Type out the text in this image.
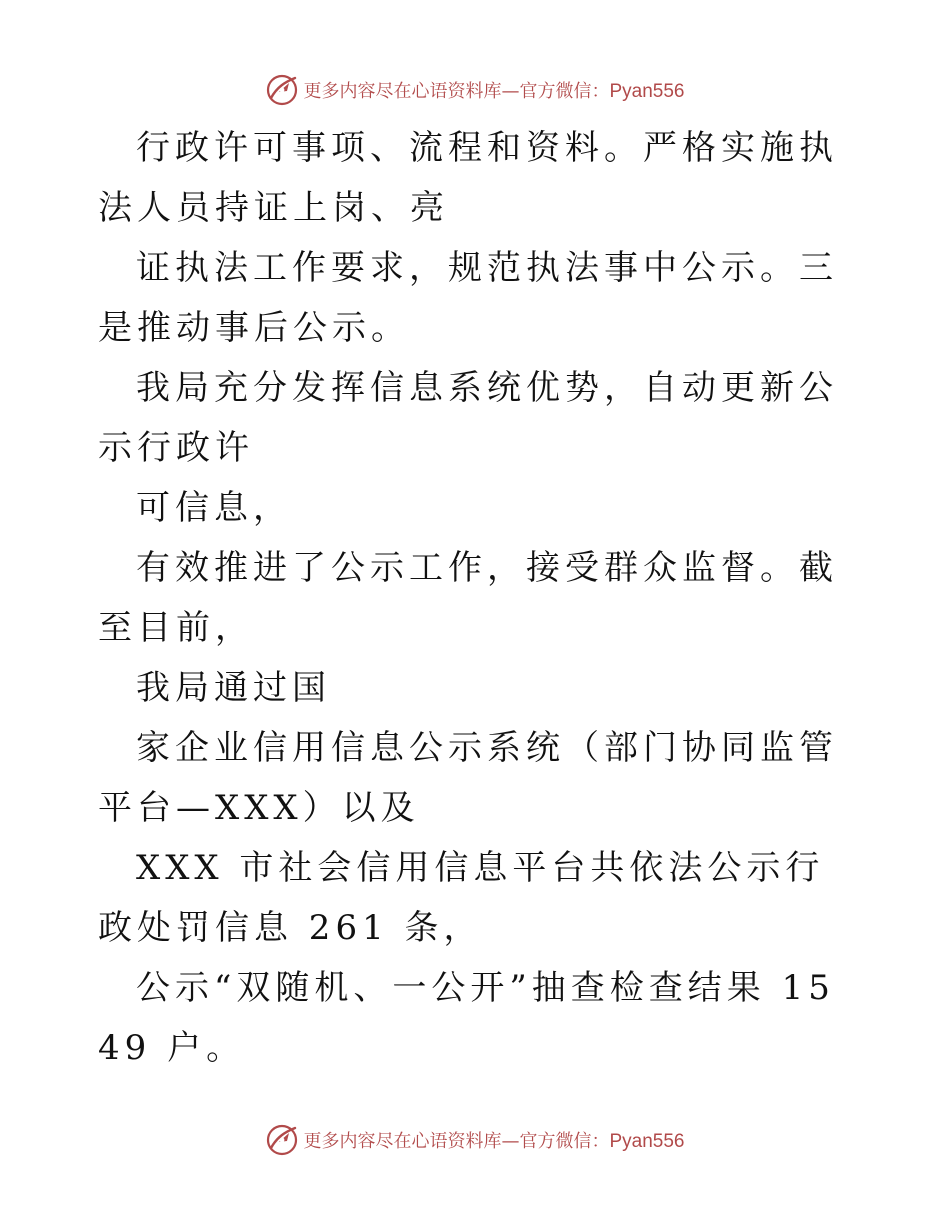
更多内容尽在心语资料库—官方微信：Pyan556

行政许可事项、流程和资料。严格实施执法人员持证上岗、亮

证执法工作要求，规范执法事中公示。三是推动事后公示。

我局充分发挥信息系统优势，自动更新公示行政许

可信息，

有效推进了公示工作，接受群众监督。截至目前，

我局通过国

家企业信用信息公示系统（部门协同监管平台—XXX）以及

XXX 市社会信用信息平台共依法公示行政处罚信息 261 条，

公示“双随机、一公开”抽查检查结果 1549 户。

更多内容尽在心语资料库—官方微信：Pyan556
